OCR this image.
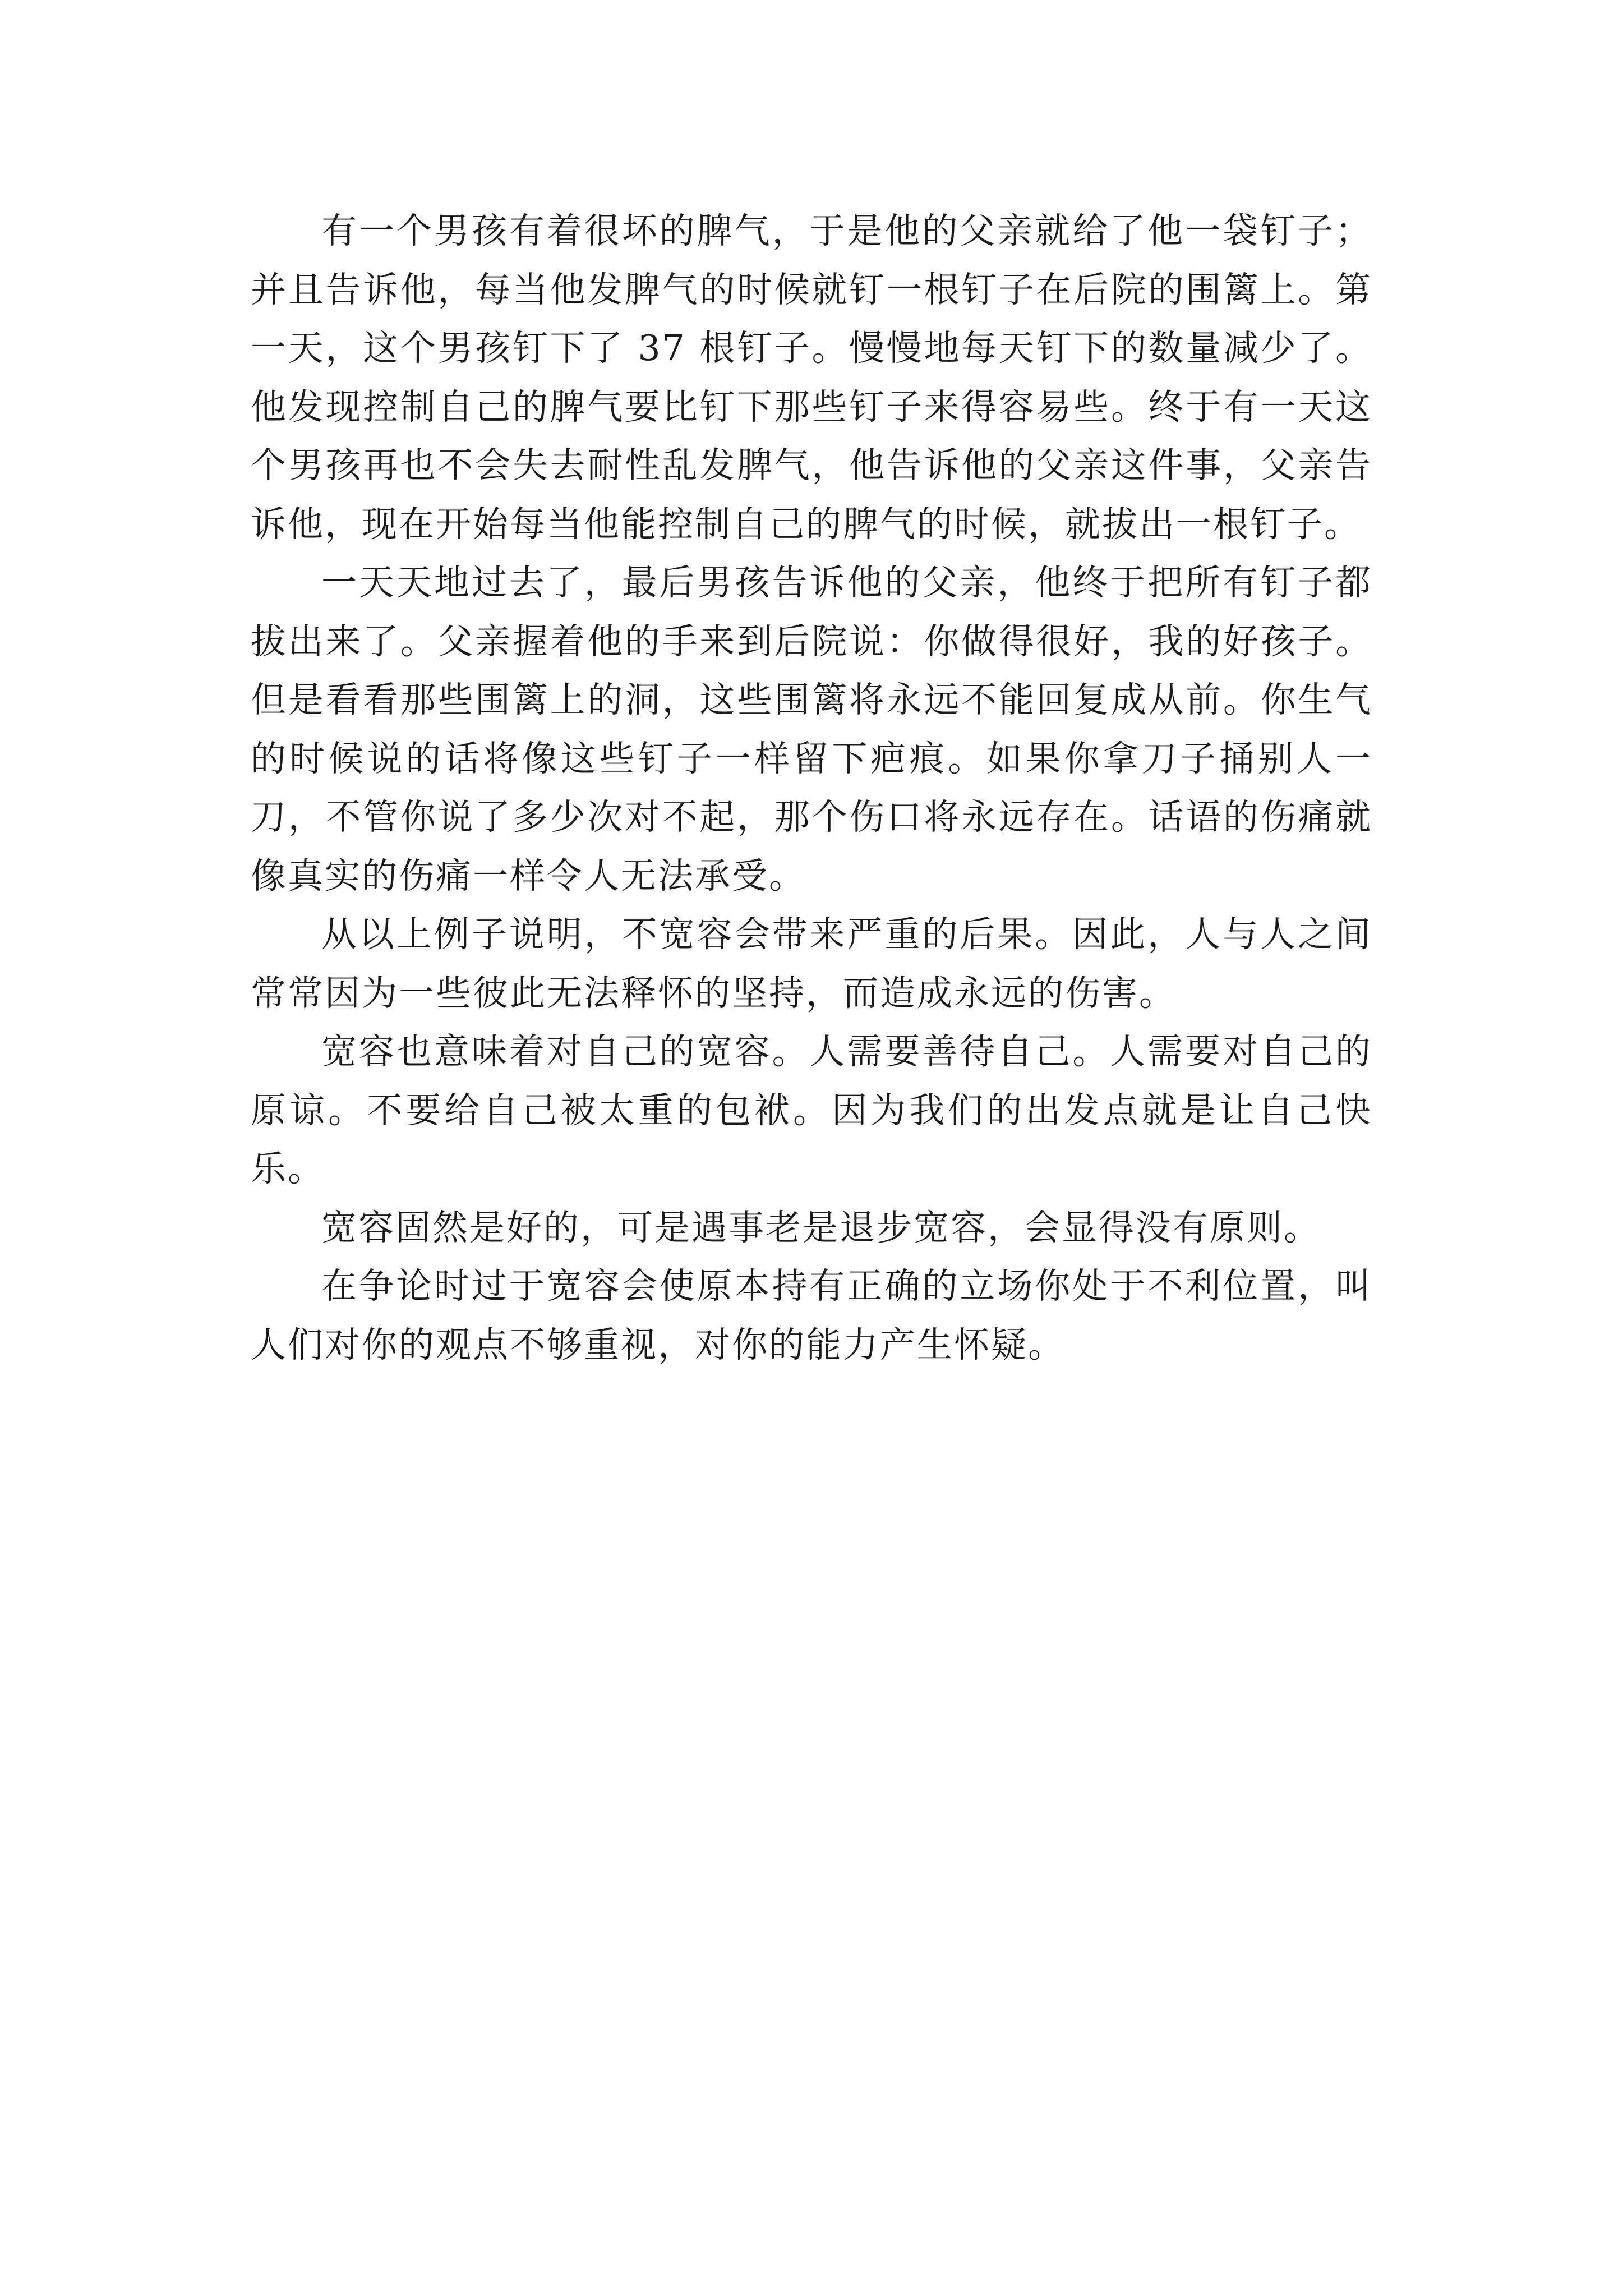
有一个男孩有着很坏的脾气，于是他的父亲就给了他一袋钉子；并且告诉他，每当他发脾气的时候就钉一根钉子在后院的围篱上。第一天，这个男孩钉下了 37 根钉子。慢慢地每天钉下的数量减少了。他发现控制自己的脾气要比钉下那些钉子来得容易些。终于有一天这个男孩再也不会失去耐性乱发脾气，他告诉他的父亲这件事，父亲告诉他，现在开始每当他能控制自己的脾气的时候，就拔出一根钉子。

一天天地过去了，最后男孩告诉他的父亲，他终于把所有钉子都拔出来了。父亲握着他的手来到后院说：你做得很好，我的好孩子。但是看看那些围篱上的洞，这些围篱将永远不能回复成从前。你生气的时候说的话将像这些钉子一样留下疤痕。如果你拿刀子捅别人一刀，不管你说了多少次对不起，那个伤口将永远存在。话语的伤痛就像真实的伤痛一样令人无法承受。

从以上例子说明，不宽容会带来严重的后果。因此，人与人之间常常因为一些彼此无法释怀的坚持，而造成永远的伤害。

宽容也意味着对自己的宽容。人需要善待自己。人需要对自己的原谅。不要给自己被太重的包袱。因为我们的出发点就是让自己快乐。

宽容固然是好的，可是遇事老是退步宽容，会显得没有原则。

在争论时过于宽容会使原本持有正确的立场你处于不利位置，叫人们对你的观点不够重视，对你的能力产生怀疑。
